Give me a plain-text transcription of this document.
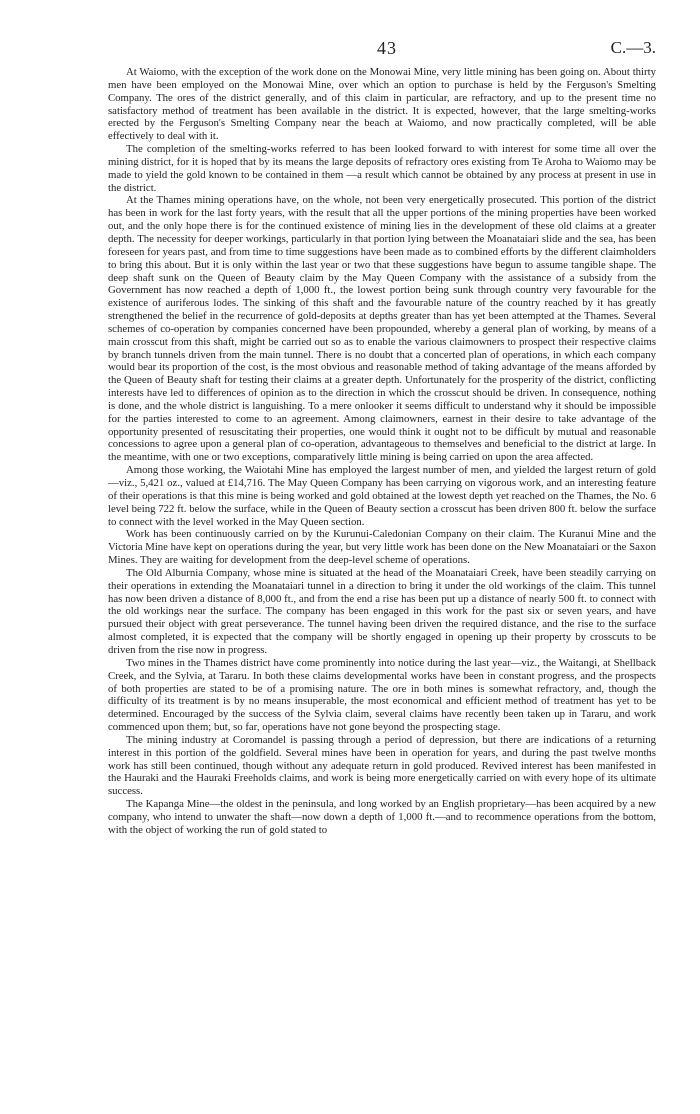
43	C.—3.

At Waiomo, with the exception of the work done on the Monowai Mine, very little mining has been going on. About thirty men have been employed on the Monowai Mine, over which an option to purchase is held by the Ferguson's Smelting Company. The ores of the district generally, and of this claim in particular, are refractory, and up to the present time no satisfactory method of treatment has been available in the district. It is expected, however, that the large smelting-works erected by the Ferguson's Smelting Company near the beach at Waiomo, and now practically completed, will be able effectively to deal with it.

The completion of the smelting-works referred to has been looked forward to with interest for some time all over the mining district, for it is hoped that by its means the large deposits of refractory ores existing from Te Aroha to Waiomo may be made to yield the gold known to be contained in them —a result which cannot be obtained by any process at present in use in the district.

At the Thames mining operations have, on the whole, not been very energetically prosecuted. This portion of the district has been in work for the last forty years, with the result that all the upper portions of the mining properties have been worked out, and the only hope there is for the continued existence of mining lies in the development of these old claims at a greater depth. The necessity for deeper workings, particularly in that portion lying between the Moanataiari slide and the sea, has been foreseen for years past, and from time to time suggestions have been made as to combined efforts by the different claimholders to bring this about. But it is only within the last year or two that these suggestions have begun to assume tangible shape. The deep shaft sunk on the Queen of Beauty claim by the May Queen Company with the assistance of a subsidy from the Government has now reached a depth of 1,000 ft., the lowest portion being sunk through country very favourable for the existence of auriferous lodes. The sinking of this shaft and the favourable nature of the country reached by it has greatly strengthened the belief in the recurrence of gold-deposits at depths greater than has yet been attempted at the Thames. Several schemes of co-operation by companies concerned have been propounded, whereby a general plan of working, by means of a main crosscut from this shaft, might be carried out so as to enable the various claimowners to prospect their respective claims by branch tunnels driven from the main tunnel. There is no doubt that a concerted plan of operations, in which each company would bear its proportion of the cost, is the most obvious and reasonable method of taking advantage of the means afforded by the Queen of Beauty shaft for testing their claims at a greater depth. Unfortunately for the prosperity of the district, conflicting interests have led to differences of opinion as to the direction in which the crosscut should be driven. In consequence, nothing is done, and the whole district is languishing. To a mere onlooker it seems difficult to understand why it should be impossible for the parties interested to come to an agreement. Among claimowners, earnest in their desire to take advantage of the opportunity presented of resuscitating their properties, one would think it ought not to be difficult by mutual and reasonable concessions to agree upon a general plan of co-operation, advantageous to themselves and beneficial to the district at large. In the meantime, with one or two exceptions, comparatively little mining is being carried on upon the area affected.

Among those working, the Waiotahi Mine has employed the largest number of men, and yielded the largest return of gold—viz., 5,421 oz., valued at £14,716. The May Queen Company has been carrying on vigorous work, and an interesting feature of their operations is that this mine is being worked and gold obtained at the lowest depth yet reached on the Thames, the No. 6 level being 722 ft. below the surface, while in the Queen of Beauty section a crosscut has been driven 800 ft. below the surface to connect with the level worked in the May Queen section.

Work has been continuously carried on by the Kurunui-Caledonian Company on their claim. The Kuranui Mine and the Victoria Mine have kept on operations during the year, but very little work has been done on the New Moanataiari or the Saxon Mines. They are waiting for development from the deep-level scheme of operations.

The Old Alburnia Company, whose mine is situated at the head of the Moanataiari Creek, have been steadily carrying on their operations in extending the Moanataiari tunnel in a direction to bring it under the old workings of the claim. This tunnel has now been driven a distance of 8,000 ft., and from the end a rise has been put up a distance of nearly 500 ft. to connect with the old workings near the surface. The company has been engaged in this work for the past six or seven years, and have pursued their object with great perseverance. The tunnel having been driven the required distance, and the rise to the surface almost completed, it is expected that the company will be shortly engaged in opening up their property by crosscuts to be driven from the rise now in progress.

Two mines in the Thames district have come prominently into notice during the last year—viz., the Waitangi, at Shellback Creek, and the Sylvia, at Tararu. In both these claims developmental works have been in constant progress, and the prospects of both properties are stated to be of a promising nature. The ore in both mines is somewhat refractory, and, though the difficulty of its treatment is by no means insuperable, the most economical and efficient method of treatment has yet to be determined. Encouraged by the success of the Sylvia claim, several claims have recently been taken up in Tararu, and work commenced upon them; but, so far, operations have not gone beyond the prospecting stage.

The mining industry at Coromandel is passing through a period of depression, but there are indications of a returning interest in this portion of the goldfield. Several mines have been in operation for years, and during the past twelve months work has still been continued, though without any adequate return in gold produced. Revived interest has been manifested in the Hauraki and the Hauraki Freeholds claims, and work is being more energetically carried on with every hope of its ultimate success.

The Kapanga Mine—the oldest in the peninsula, and long worked by an English proprietary—has been acquired by a new company, who intend to unwater the shaft—now down a depth of 1,000 ft.—and to recommence operations from the bottom, with the object of working the run of gold stated to
